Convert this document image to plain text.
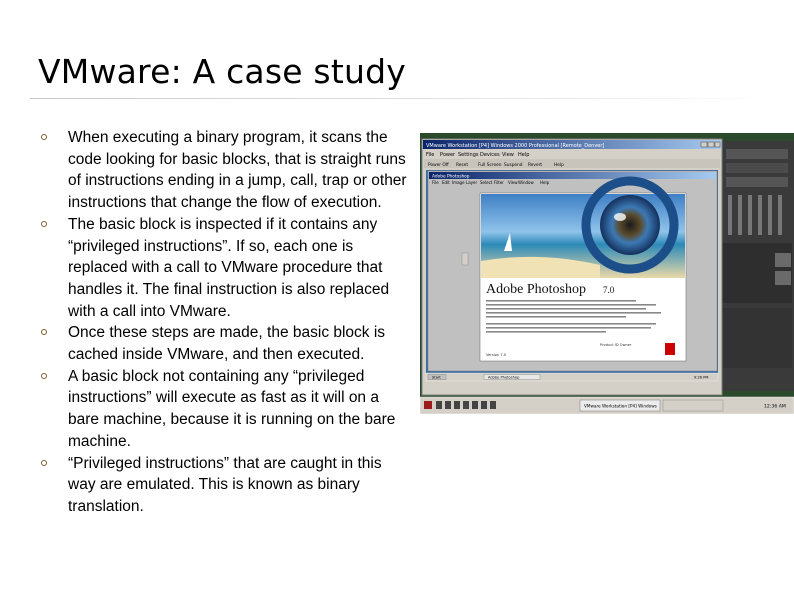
VMware: A case study
When executing a binary program, it scans the code looking for basic blocks, that is straight runs of instructions ending in a jump, call, trap or other instructions that change the flow of execution.
The basic block is inspected if it contains any “privileged instructions”. If so, each one is replaced with a call to VMware procedure that handles it. The final instruction is also replaced with a call into VMware.
Once these steps are made, the basic block is cached inside VMware, and then executed.
A basic block not containing any “privileged instructions” will execute as fast as it will on a bare machine, because it is running on the bare machine.
“Privileged instructions” that are caught in this way are emulated. This is known as binary translation.
VMware Workstation [P4] Windows 2000 Professional [Remote_Denver]
File Power Settings Devices View Help
Power Off Reset Full Screen Suspend Revert	Help
Adobe Photoshop
File Edit Image Layer Select Filter View Window Help
Adobe Photoshop 7.0
Product ID Owner
Version 7.0
Start	Adobe Photoshop	9:26 PM
VMware Workstation [P4] Windows	12:36 AM
